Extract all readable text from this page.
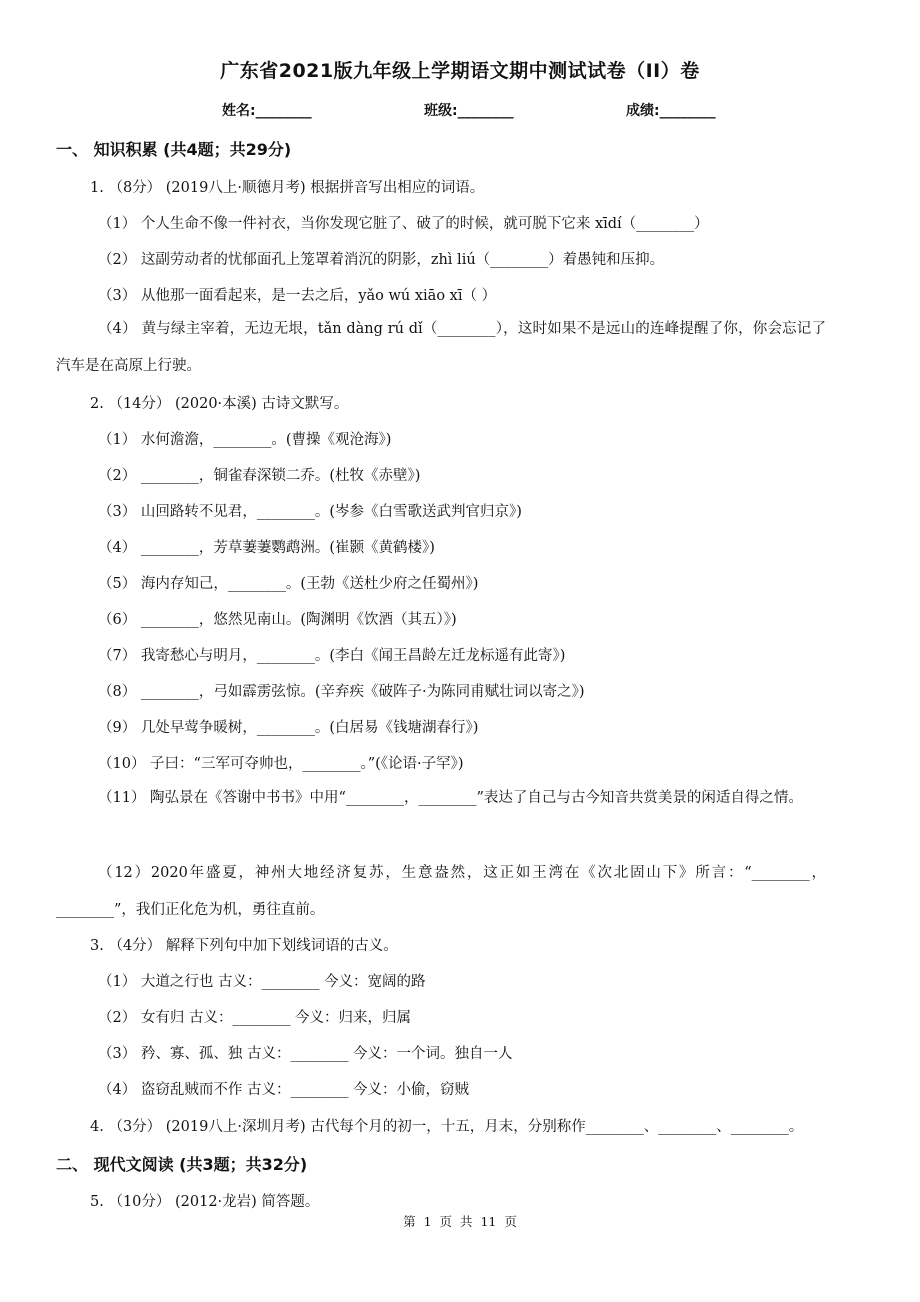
广东省2021版九年级上学期语文期中测试试卷（II）卷
姓名:________	班级:________	成绩:________
一、 知识积累 (共4题；共29分)
1. （8分） (2019八上·顺德月考) 根据拼音写出相应的词语。
（1） 个人生命不像一件衬衣，当你发现它脏了、破了的时候，就可脱下它来 xīdí（________）
（2） 这副劳动者的忧郁面孔上笼罩着消沉的阴影，zhì liú（________）着愚钝和压抑。
（3） 从他那一面看起来，是一去之后，yǎo wú xiāo xī（ ）
（4） 黄与绿主宰着，无边无垠，tǎn dàng rú dǐ（________），这时如果不是远山的连峰提醒了你，你会忘记了汽车是在高原上行驶。
2. （14分） (2020·本溪) 古诗文默写。
（1） 水何澹澹，________。(曹操《观沧海》)
（2） ________，铜雀春深锁二乔。(杜牧《赤壁》)
（3） 山回路转不见君，________。(岑参《白雪歌送武判官归京》)
（4） ________，芳草萋萋鹦鹉洲。(崔颢《黄鹤楼》)
（5） 海内存知己，________。(王勃《送杜少府之任蜀州》)
（6） ________，悠然见南山。(陶渊明《饮酒（其五）》)
（7） 我寄愁心与明月，________。(李白《闻王昌龄左迁龙标遥有此寄》)
（8） ________，弓如霹雳弦惊。(辛弃疾《破阵子·为陈同甫赋壮词以寄之》)
（9） 几处早莺争暖树，________。(白居易《钱塘湖春行》)
（10） 子曰：“三军可夺帅也，________。”(《论语·子罕》)
（11） 陶弘景在《答谢中书书》中用“________，________”表达了自己与古今知音共赏美景的闲适自得之情。
（12）2020年盛夏，神州大地经济复苏，生意盎然，这正如王湾在《次北固山下》所言：“________，________”，我们正化危为机，勇往直前。
3. （4分） 解释下列句中加下划线词语的古义。
（1） 大道之行也 古义：________ 今义：宽阔的路
（2） 女有归 古义：________ 今义：归来，归属
（3） 矜、寡、孤、独 古义：________ 今义：一个词。独自一人
（4） 盗窃乱贼而不作 古义：________ 今义：小偷，窃贼
4. （3分） (2019八上·深圳月考) 古代每个月的初一，十五，月末，分别称作________、________、________。
二、 现代文阅读 (共3题；共32分)
5. （10分） (2012·龙岩) 简答题。
第 1 页 共 11 页
